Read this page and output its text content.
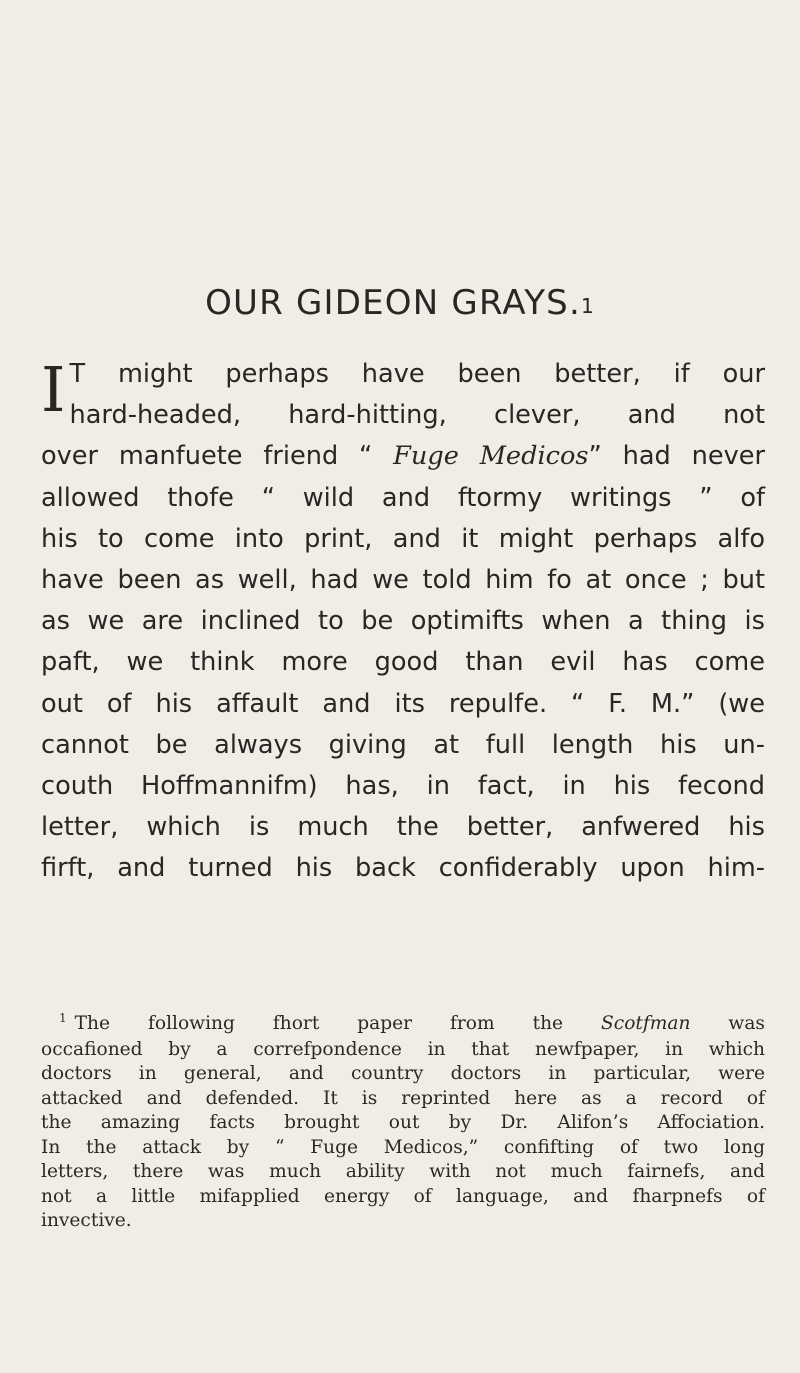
OUR GIDEON GRAYS.$^1$
I T might perhaps have been better, if our
hard-headed, hard-hitting, clever, and not
over manfuete friend “ Fuge Medicos” had never
allowed thofe “ wild and ftormy writings ” of
his to come into print, and it might perhaps alfo
have been as well, had we told him fo at once ; but
as we are inclined to be optimifts when a thing is
paft, we think more good than evil has come
out of his affault and its repulfe. “ F. M.” (we
cannot be always giving at full length his un-
couth Hoffmannifm) has, in fact, in his fecond
letter, which is much the better, anfwered his
firft, and turned his back confiderably upon him-
$^1$ The following fhort paper from the Scotfman was
occafioned by a correfpondence in that newfpaper, in which
doctors in general, and country doctors in particular, were
attacked and defended. It is reprinted here as a record of
the amazing facts brought out by Dr. Alifon’s Affociation.
In the attack by “ Fuge Medicos,” confifting of two long
letters, there was much ability with not much fairnefs, and
not a little mifapplied energy of language, and fharpnefs of
invective.
